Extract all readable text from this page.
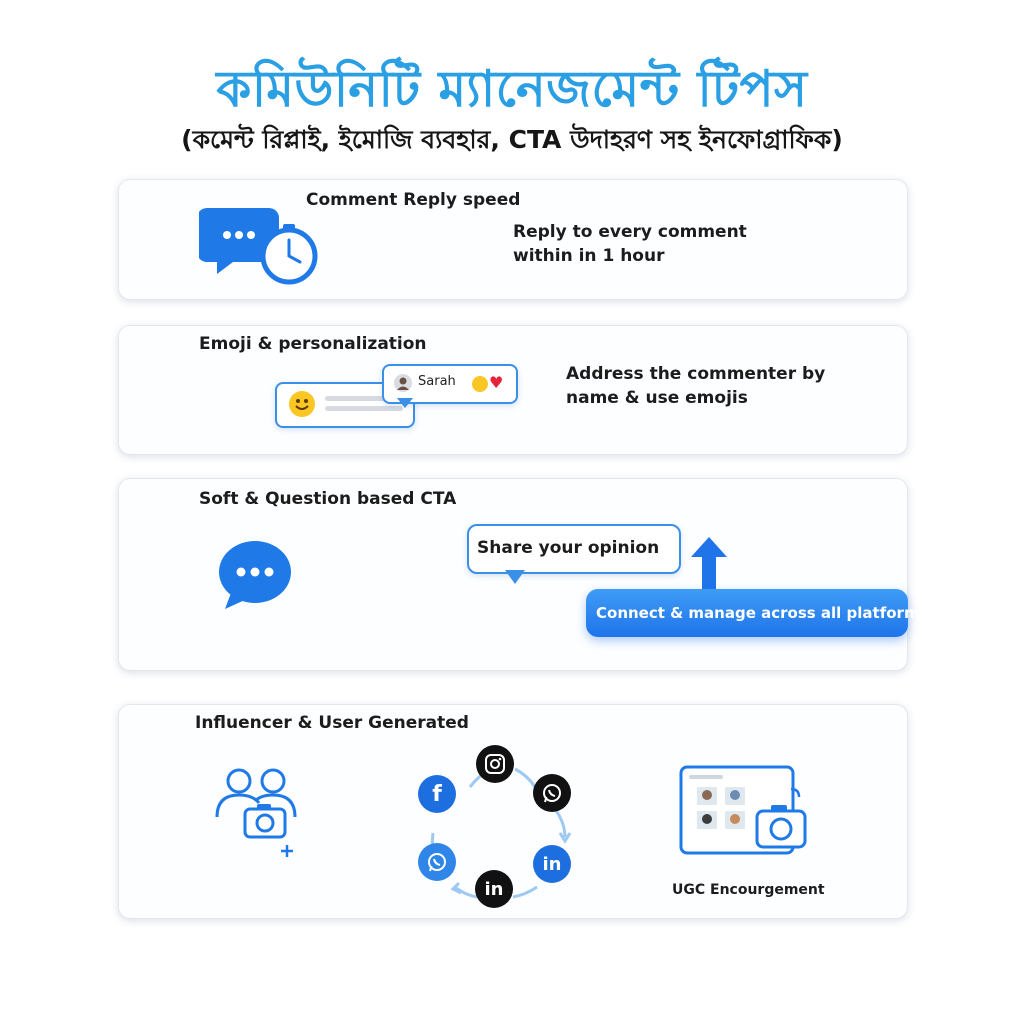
কমিউনিটি ম্যানেজমেন্ট টিপস
(কমেন্ট রিপ্লাই, ইমোজি ব্যবহার, CTA উদাহরণ সহ ইনফোগ্রাফিক)
Comment Reply speed
Reply to every comment
within in 1 hour
Emoji & personalization
Sarah ♥	Address the commenter by
name & use emojis
Soft & Question based CTA
Share your opinion
Connect & manage across all platforms
Influencer & User Generated
in
in
f
UGC Encourgement
